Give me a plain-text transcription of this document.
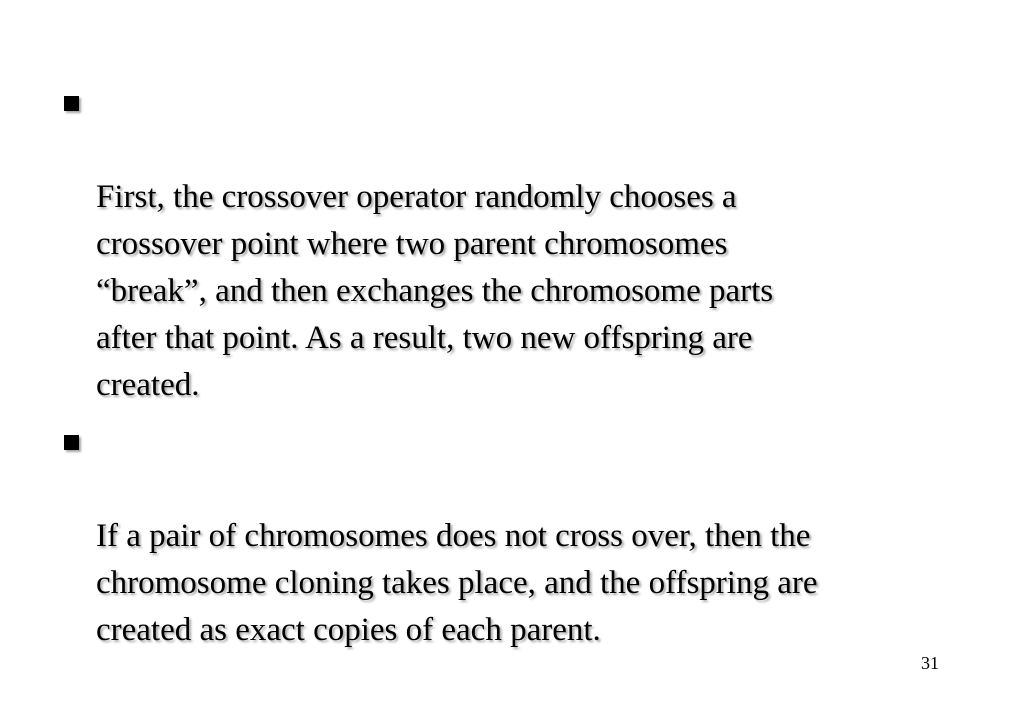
First, the crossover operator randomly chooses a
crossover point where two parent chromosomes
“break”, and then exchanges the chromosome parts
after that point. As a result, two new offspring are
created.

If a pair of chromosomes does not cross over, then the
chromosome cloning takes place, and the offspring are
created as exact copies of each parent.

31
